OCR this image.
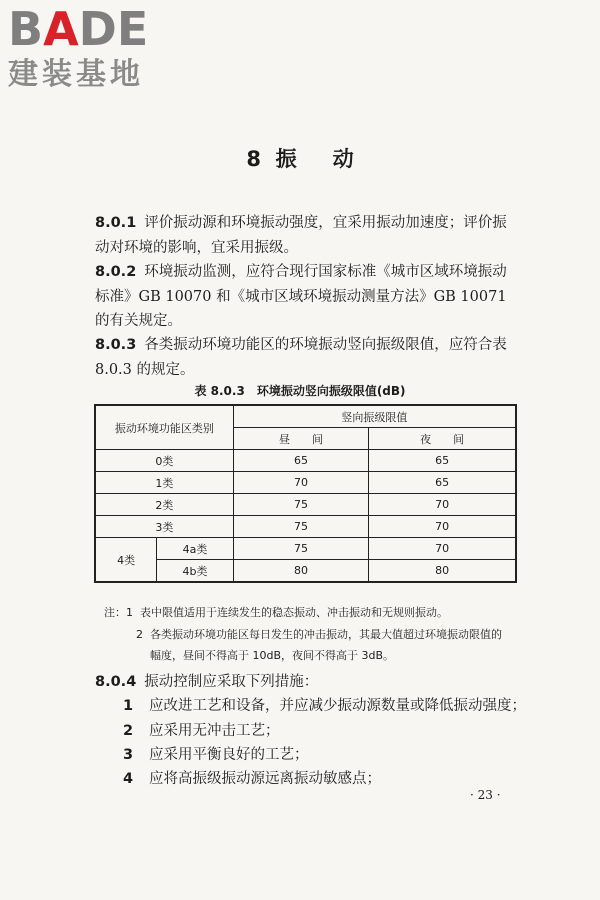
BADE
建装基地
8 振 动
8.0.1 评价振动源和环境振动强度，宜采用振动加速度；评价振动对环境的影响，宜采用振级。
8.0.2 环境振动监测，应符合现行国家标准《城市区域环境振动标准》GB 10070 和《城市区域环境振动测量方法》GB 10071 的有关规定。
8.0.3 各类振动环境功能区的环境振动竖向振级限值，应符合表 8.0.3 的规定。
表 8.0.3　环境振动竖向振级限值(dB)
振动环境功能区类别		竖向振级限值	
		昼　　间	夜　　间
0类		65	65
1类		70	65
2类		75	70
3类		75	70
4类	4a类	75	70
	4b类	80	80
注：1 表中限值适用于连续发生的稳态振动、冲击振动和无规则振动。
2 各类振动环境功能区每日发生的冲击振动，其最大值超过环境振动限值的
幅度，昼间不得高于 10dB，夜间不得高于 3dB。
8.0.4 振动控制应采取下列措施：
1 应改进工艺和设备，并应减少振动源数量或降低振动强度；
2 应采用无冲击工艺；
3 应采用平衡良好的工艺；
4 应将高振级振动源远离振动敏感点；
· 23 ·
